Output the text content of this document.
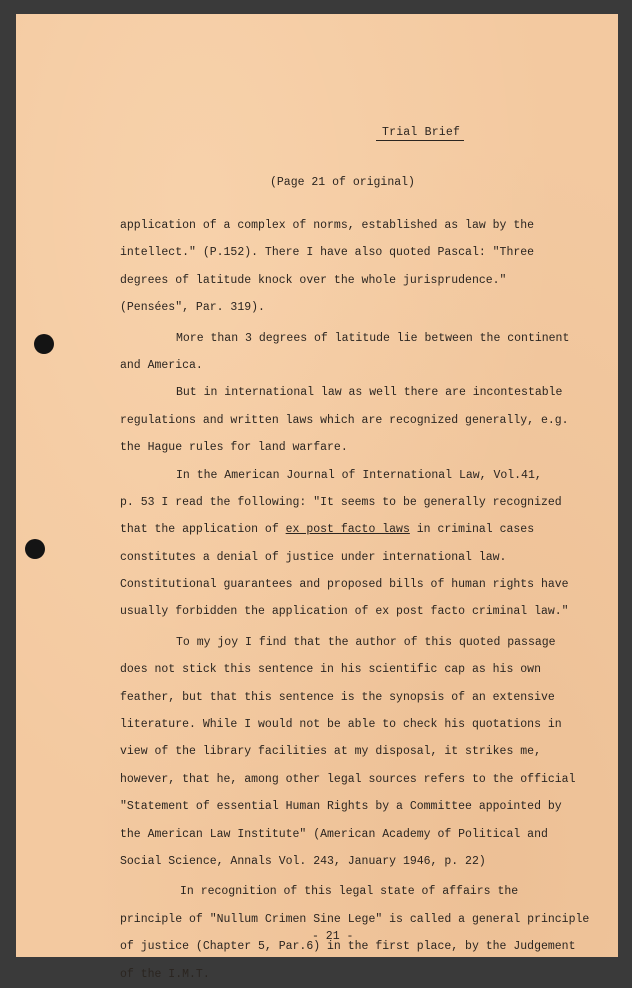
Trial Brief
(Page 21 of original)
application of a complex of norms, established as law by the
intellect." (P.152). There I have also quoted Pascal: "Three
degrees of latitude knock over the whole jurisprudence."
(Pensées", Par. 319).
More than 3 degrees of latitude lie between the continent
and America.
But in international law as well there are incontestable
regulations and written laws which are recognized generally, e.g.
the Hague rules for land warfare.
In the American Journal of International Law, Vol.41,
p. 53 I read the following: "It seems to be generally recognized
that the application of ex post facto laws in criminal cases
constitutes a denial of justice under international law.
Constitutional guarantees and proposed bills of human rights have
usually forbidden the application of ex post facto criminal law."
To my joy I find that the author of this quoted passage
does not stick this sentence in his scientific cap as his own
feather, but that this sentence is the synopsis of an extensive
literature. While I would not be able to check his quotations in
view of the library facilities at my disposal, it strikes me,
however, that he, among other legal sources refers to the official
"Statement of essential Human Rights by a Committee appointed by
the American Law Institute" (American Academy of Political and
Social Science, Annals Vol. 243, January 1946, p. 22)
In recognition of this legal state of affairs the
principle of "Nullum Crimen Sine Lege" is called a general principle
of justice (Chapter 5, Par.6) in the first place, by the Judgement
of the I.M.T.
- 21 -
